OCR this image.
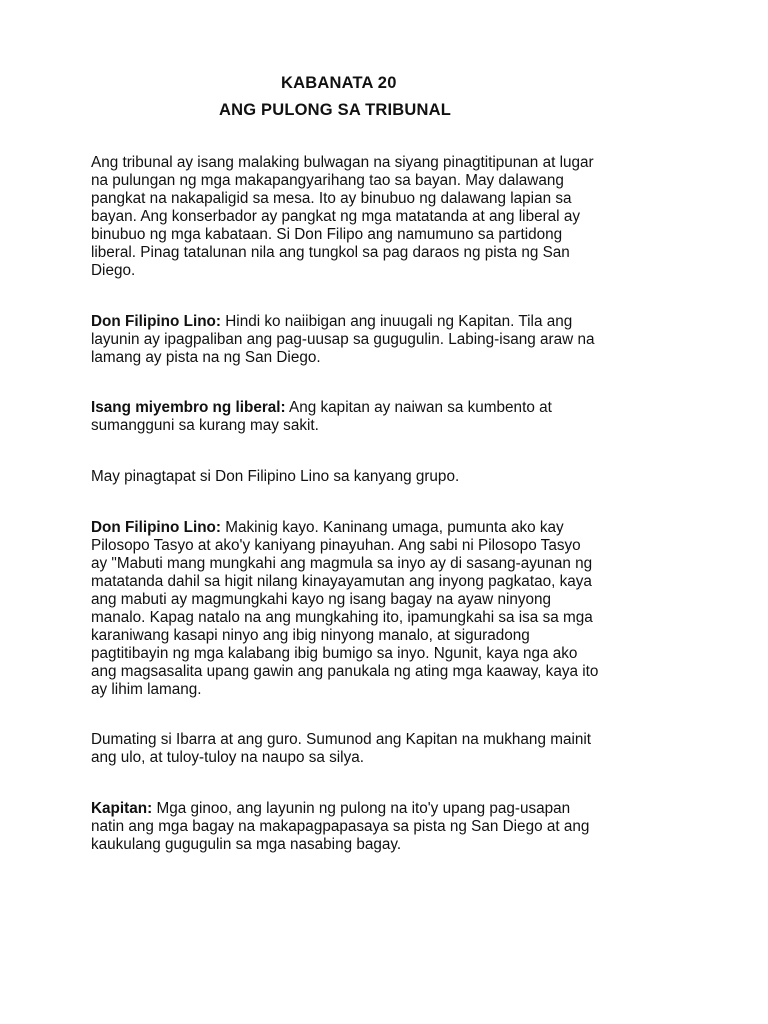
KABANATA 20
ANG PULONG SA TRIBUNAL

Ang tribunal ay isang malaking bulwagan na siyang pinagtitipunan at lugar
na pulungan ng mga makapangyarihang tao sa bayan. May dalawang
pangkat na nakapaligid sa mesa. Ito ay binubuo ng dalawang lapian sa
bayan. Ang konserbador ay pangkat ng mga matatanda at ang liberal ay
binubuo ng mga kabataan. Si Don Filipo ang namumuno sa partidong
liberal. Pinag tatalunan nila ang tungkol sa pag daraos ng pista ng San
Diego.

Don Filipino Lino: Hindi ko naiibigan ang inuugali ng Kapitan. Tila ang
layunin ay ipagpaliban ang pag-uusap sa gugugulin. Labing-isang araw na
lamang ay pista na ng San Diego.

Isang miyembro ng liberal: Ang kapitan ay naiwan sa kumbento at
sumangguni sa kurang may sakit.

May pinagtapat si Don Filipino Lino sa kanyang grupo.

Don Filipino Lino: Makinig kayo. Kaninang umaga, pumunta ako kay
Pilosopo Tasyo at ako'y kaniyang pinayuhan. Ang sabi ni Pilosopo Tasyo
ay "Mabuti mang mungkahi ang magmula sa inyo ay di sasang-ayunan ng
matatanda dahil sa higit nilang kinayayamutan ang inyong pagkatao, kaya
ang mabuti ay magmungkahi kayo ng isang bagay na ayaw ninyong
manalo. Kapag natalo na ang mungkahing ito, ipamungkahi sa isa sa mga
karaniwang kasapi ninyo ang ibig ninyong manalo, at siguradong
pagtitibayin ng mga kalabang ibig bumigo sa inyo. Ngunit, kaya nga ako
ang magsasalita upang gawin ang panukala ng ating mga kaaway, kaya ito
ay lihim lamang.

Dumating si Ibarra at ang guro. Sumunod ang Kapitan na mukhang mainit
ang ulo, at tuloy-tuloy na naupo sa silya.

Kapitan: Mga ginoo, ang layunin ng pulong na ito'y upang pag-usapan
natin ang mga bagay na makapagpapasaya sa pista ng San Diego at ang
kaukulang gugugulin sa mga nasabing bagay.
